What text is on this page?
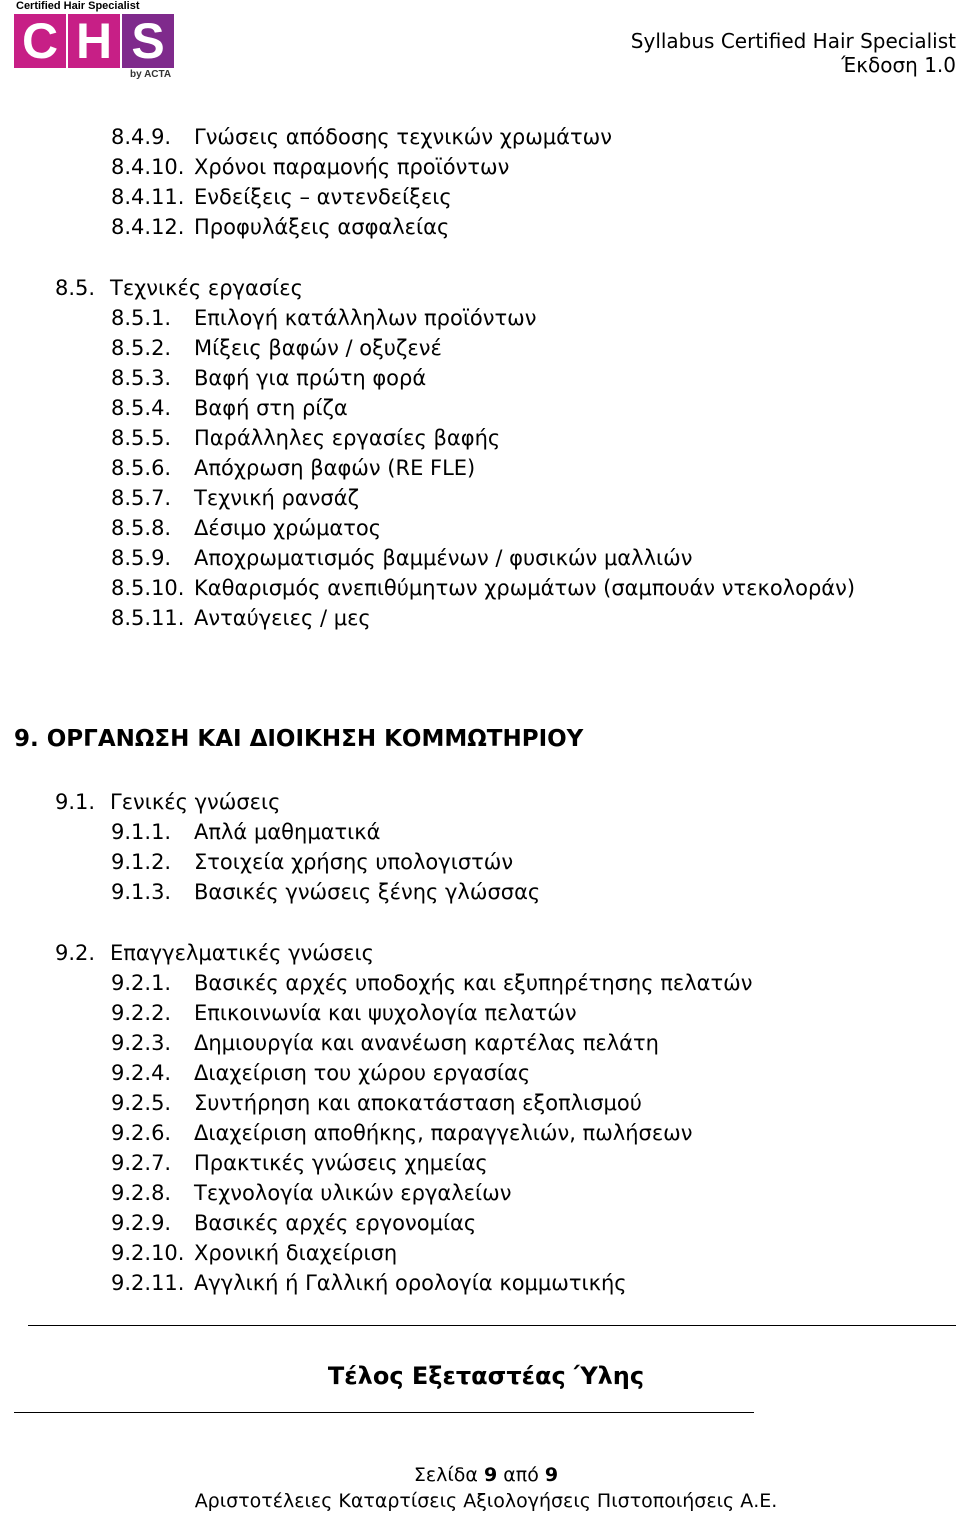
Certified Hair Specialist
C H S
by ACTA
Syllabus Certified Hair Specialist
Έκδοση 1.0
8.4.9. Γνώσεις απόδοσης τεχνικών χρωμάτων
8.4.10. Χρόνοι παραμονής προϊόντων
8.4.11. Ενδείξεις – αντενδείξεις
8.4.12. Προφυλάξεις ασφαλείας
8.5. Τεχνικές εργασίες
8.5.1. Επιλογή κατάλληλων προϊόντων
8.5.2. Μίξεις βαφών / οξυζενέ
8.5.3. Βαφή για πρώτη φορά
8.5.4. Βαφή στη ρίζα
8.5.5. Παράλληλες εργασίες βαφής
8.5.6. Απόχρωση βαφών (RE FLE)
8.5.7. Τεχνική ρανσάζ
8.5.8. Δέσιμο χρώματος
8.5.9. Αποχρωματισμός βαμμένων / φυσικών μαλλιών
8.5.10. Καθαρισμός ανεπιθύμητων χρωμάτων (σαμπουάν ντεκολοράν)
8.5.11. Ανταύγειες / μες
9. ΟΡΓΑΝΩΣΗ ΚΑΙ ΔΙΟΙΚΗΣΗ ΚΟΜΜΩΤΗΡΙΟΥ
9.1. Γενικές γνώσεις
9.1.1. Απλά μαθηματικά
9.1.2. Στοιχεία χρήσης υπολογιστών
9.1.3. Βασικές γνώσεις ξένης γλώσσας
9.2. Επαγγελματικές γνώσεις
9.2.1. Βασικές αρχές υποδοχής και εξυπηρέτησης πελατών
9.2.2. Επικοινωνία και ψυχολογία πελατών
9.2.3. Δημιουργία και ανανέωση καρτέλας πελάτη
9.2.4. Διαχείριση του χώρου εργασίας
9.2.5. Συντήρηση και αποκατάσταση εξοπλισμού
9.2.6. Διαχείριση αποθήκης, παραγγελιών, πωλήσεων
9.2.7. Πρακτικές γνώσεις χημείας
9.2.8. Τεχνολογία υλικών εργαλείων
9.2.9. Βασικές αρχές εργονομίας
9.2.10. Χρονική διαχείριση
9.2.11. Αγγλική ή Γαλλική ορολογία κομμωτικής
Τέλος Εξεταστέας Ύλης
Σελίδα 9 από 9
Αριστοτέλειες Καταρτίσεις Αξιολογήσεις Πιστοποιήσεις Α.Ε.
